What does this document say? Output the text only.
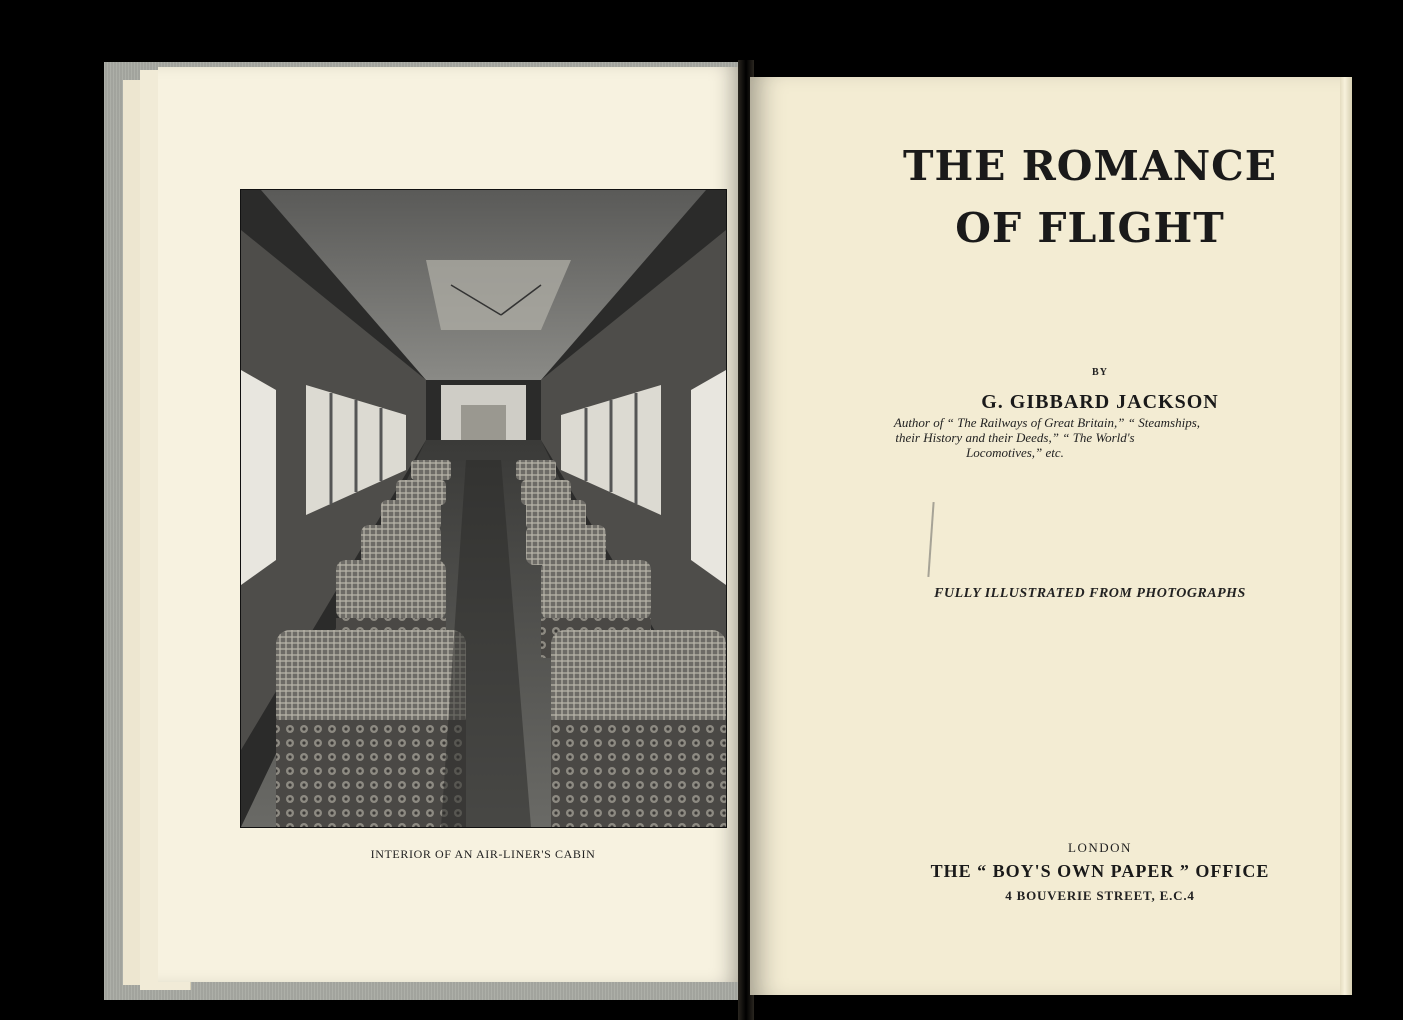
INTERIOR OF AN AIR-LINER'S CABIN
THE ROMANCE
OF FLIGHT
BY
G. GIBBARD JACKSON
Author of “ The Railways of Great Britain,” “ Steamships,
their History and their Deeds,” “ The World's
Locomotives,” etc.
FULLY ILLUSTRATED FROM PHOTOGRAPHS
LONDON
THE “ BOY'S OWN PAPER ” OFFICE
4 BOUVERIE STREET, E.C.4
